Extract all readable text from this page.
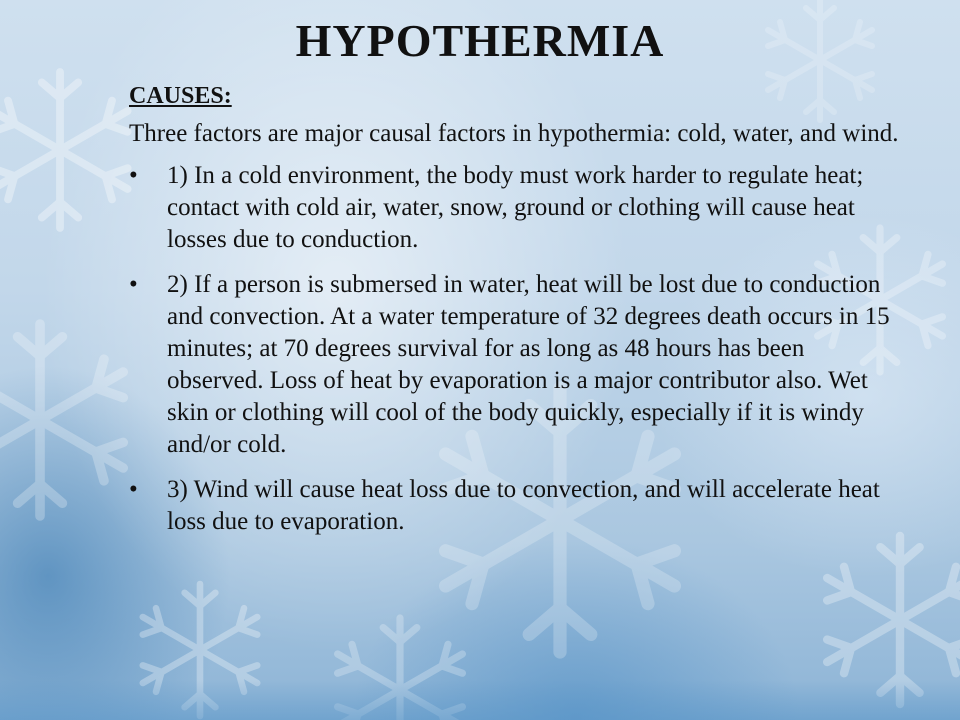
HYPOTHERMIA
CAUSES:
Three factors are major causal factors in hypothermia: cold, water, and wind.
•	1) In a cold environment, the body must work harder to regulate heat; contact with cold air, water, snow, ground or clothing will cause heat losses due to conduction.
•	2) If a person is submersed in water, heat will be lost due to conduction and convection. At a water temperature of 32 degrees death occurs in 15 minutes; at 70 degrees survival for as long as 48 hours has been observed. Loss of heat by evaporation is a major contributor also. Wet skin or clothing will cool of the body quickly, especially if it is windy and/or cold.
•	3) Wind will cause heat loss due to convection, and will accelerate heat loss due to evaporation.
